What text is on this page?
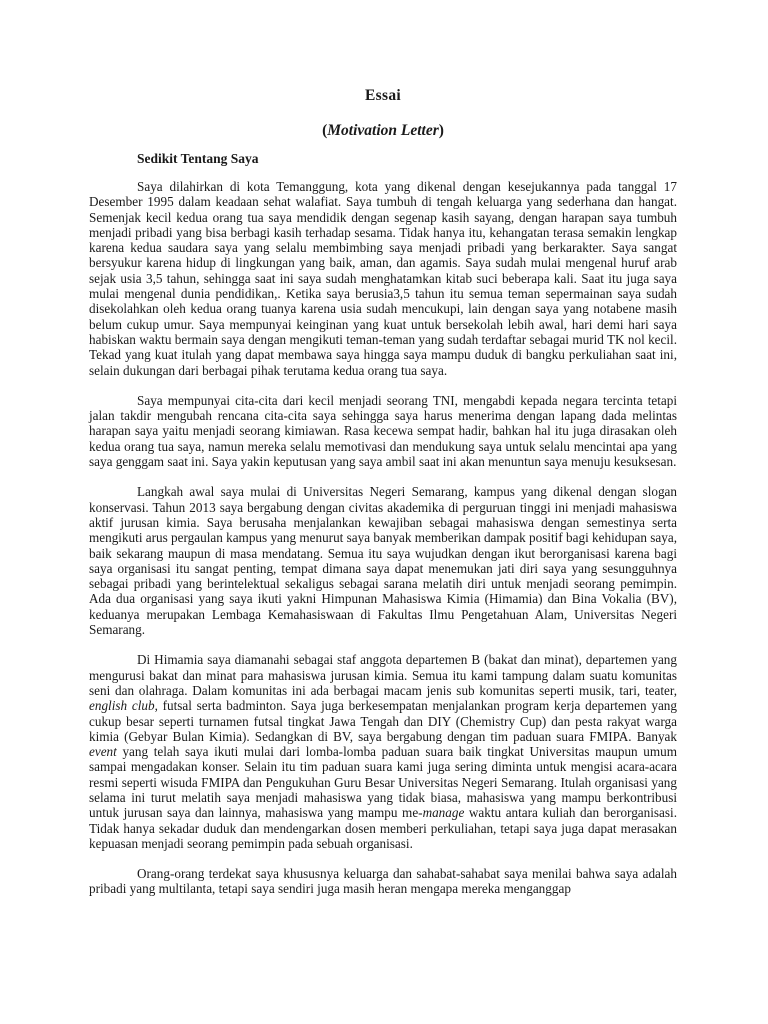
Essai
(Motivation Letter)
Sedikit Tentang Saya

Saya dilahirkan di kota Temanggung, kota yang dikenal dengan kesejukannya pada tanggal 17 Desember 1995 dalam keadaan sehat walafiat. Saya tumbuh di tengah keluarga yang sederhana dan hangat. Semenjak kecil kedua orang tua saya mendidik dengan segenap kasih sayang, dengan harapan saya tumbuh menjadi pribadi yang bisa berbagi kasih terhadap sesama. Tidak hanya itu, kehangatan terasa semakin lengkap karena kedua saudara saya yang selalu membimbing saya menjadi pribadi yang berkarakter. Saya sangat bersyukur karena hidup di lingkungan yang baik, aman, dan agamis. Saya sudah mulai mengenal huruf arab sejak usia 3,5 tahun, sehingga saat ini saya sudah menghatamkan kitab suci beberapa kali. Saat itu juga saya mulai mengenal dunia pendidikan,. Ketika saya berusia3,5 tahun itu semua teman sepermainan saya sudah disekolahkan oleh kedua orang tuanya karena usia sudah mencukupi, lain dengan saya yang notabene masih belum cukup umur. Saya mempunyai keinginan yang kuat untuk bersekolah lebih awal, hari demi hari saya habiskan waktu bermain saya dengan mengikuti teman-teman yang sudah terdaftar sebagai murid TK nol kecil. Tekad yang kuat itulah yang dapat membawa saya hingga saya mampu duduk di bangku perkuliahan saat ini, selain dukungan dari berbagai pihak terutama kedua orang tua saya.

Saya mempunyai cita-cita dari kecil menjadi seorang TNI, mengabdi kepada negara tercinta tetapi jalan takdir mengubah rencana cita-cita saya sehingga saya harus menerima dengan lapang dada melintas harapan saya yaitu menjadi seorang kimiawan. Rasa kecewa sempat hadir, bahkan hal itu juga dirasakan oleh kedua orang tua saya, namun mereka selalu memotivasi dan mendukung saya untuk selalu mencintai apa yang saya genggam saat ini. Saya yakin keputusan yang saya ambil saat ini akan menuntun saya menuju kesuksesan.

Langkah awal saya mulai di Universitas Negeri Semarang, kampus yang dikenal dengan slogan konservasi. Tahun 2013 saya bergabung dengan civitas akademika di perguruan tinggi ini menjadi mahasiswa aktif jurusan kimia. Saya berusaha menjalankan kewajiban sebagai mahasiswa dengan semestinya serta mengikuti arus pergaulan kampus yang menurut saya banyak memberikan dampak positif bagi kehidupan saya, baik sekarang maupun di masa mendatang. Semua itu saya wujudkan dengan ikut berorganisasi karena bagi saya organisasi itu sangat penting, tempat dimana saya dapat menemukan jati diri saya yang sesungguhnya sebagai pribadi yang berintelektual sekaligus sebagai sarana melatih diri untuk menjadi seorang pemimpin. Ada dua organisasi yang saya ikuti yakni Himpunan Mahasiswa Kimia (Himamia) dan Bina Vokalia (BV), keduanya merupakan Lembaga Kemahasiswaan di Fakultas Ilmu Pengetahuan Alam, Universitas Negeri Semarang.

Di Himamia saya diamanahi sebagai staf anggota departemen B (bakat dan minat), departemen yang mengurusi bakat dan minat para mahasiswa jurusan kimia. Semua itu kami tampung dalam suatu komunitas seni dan olahraga. Dalam komunitas ini ada berbagai macam jenis sub komunitas seperti musik, tari, teater, english club, futsal serta badminton. Saya juga berkesempatan menjalankan program kerja departemen yang cukup besar seperti turnamen futsal tingkat Jawa Tengah dan DIY (Chemistry Cup) dan pesta rakyat warga kimia (Gebyar Bulan Kimia). Sedangkan di BV, saya bergabung dengan tim paduan suara FMIPA. Banyak event yang telah saya ikuti mulai dari lomba-lomba paduan suara baik tingkat Universitas maupun umum sampai mengadakan konser. Selain itu tim paduan suara kami juga sering diminta untuk mengisi acara-acara resmi seperti wisuda FMIPA dan Pengukuhan Guru Besar Universitas Negeri Semarang. Itulah organisasi yang selama ini turut melatih saya menjadi mahasiswa yang tidak biasa, mahasiswa yang mampu berkontribusi untuk jurusan saya dan lainnya, mahasiswa yang mampu me-manage waktu antara kuliah dan berorganisasi. Tidak hanya sekadar duduk dan mendengarkan dosen memberi perkuliahan, tetapi saya juga dapat merasakan kepuasan menjadi seorang pemimpin pada sebuah organisasi.

Orang-orang terdekat saya khususnya keluarga dan sahabat-sahabat saya menilai bahwa saya adalah pribadi yang multilanta, tetapi saya sendiri juga masih heran mengapa mereka menganggap
